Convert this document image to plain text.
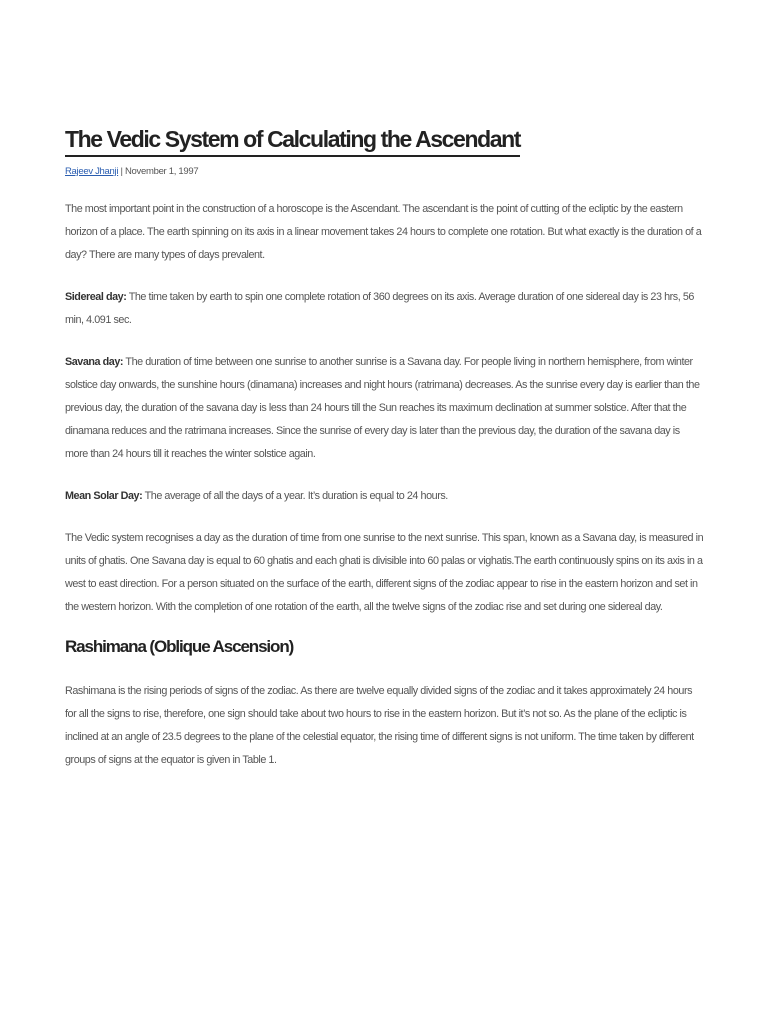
The Vedic System of Calculating the Ascendant
Rajeev Jhanji | November 1, 1997

The most important point in the construction of a horoscope is the Ascendant. The ascendant is the point of cutting of the ecliptic by the eastern horizon of a place. The earth spinning on its axis in a linear movement takes 24 hours to complete one rotation. But what exactly is the duration of a day? There are many types of days prevalent.

Sidereal day: The time taken by earth to spin one complete rotation of 360 degrees on its axis. Average duration of one sidereal day is 23 hrs, 56 min, 4.091 sec.

Savana day: The duration of time between one sunrise to another sunrise is a Savana day. For people living in northern hemisphere, from winter solstice day onwards, the sunshine hours (dinamana) increases and night hours (ratrimana) decreases. As the sunrise every day is earlier than the previous day, the duration of the savana day is less than 24 hours till the Sun reaches its maximum declination at summer solstice. After that the dinamana reduces and the ratrimana increases. Since the sunrise of every day is later than the previous day, the duration of the savana day is more than 24 hours till it reaches the winter solstice again.

Mean Solar Day: The average of all the days of a year. It’s duration is equal to 24 hours.

The Vedic system recognises a day as the duration of time from one sunrise to the next sunrise. This span, known as a Savana day, is measured in units of ghatis. One Savana day is equal to 60 ghatis and each ghati is divisible into 60 palas or vighatis.The earth continuously spins on its axis in a west to east direction. For a person situated on the surface of the earth, different signs of the zodiac appear to rise in the eastern horizon and set in the western horizon. With the completion of one rotation of the earth, all the twelve signs of the zodiac rise and set during one sidereal day.

Rashimana (Oblique Ascension)

Rashimana is the rising periods of signs of the zodiac. As there are twelve equally divided signs of the zodiac and it takes approximately 24 hours for all the signs to rise, therefore, one sign should take about two hours to rise in the eastern horizon. But it’s not so. As the plane of the ecliptic is inclined at an angle of 23.5 degrees to the plane of the celestial equator, the rising time of different signs is not uniform. The time taken by different groups of signs at the equator is given in Table 1.
